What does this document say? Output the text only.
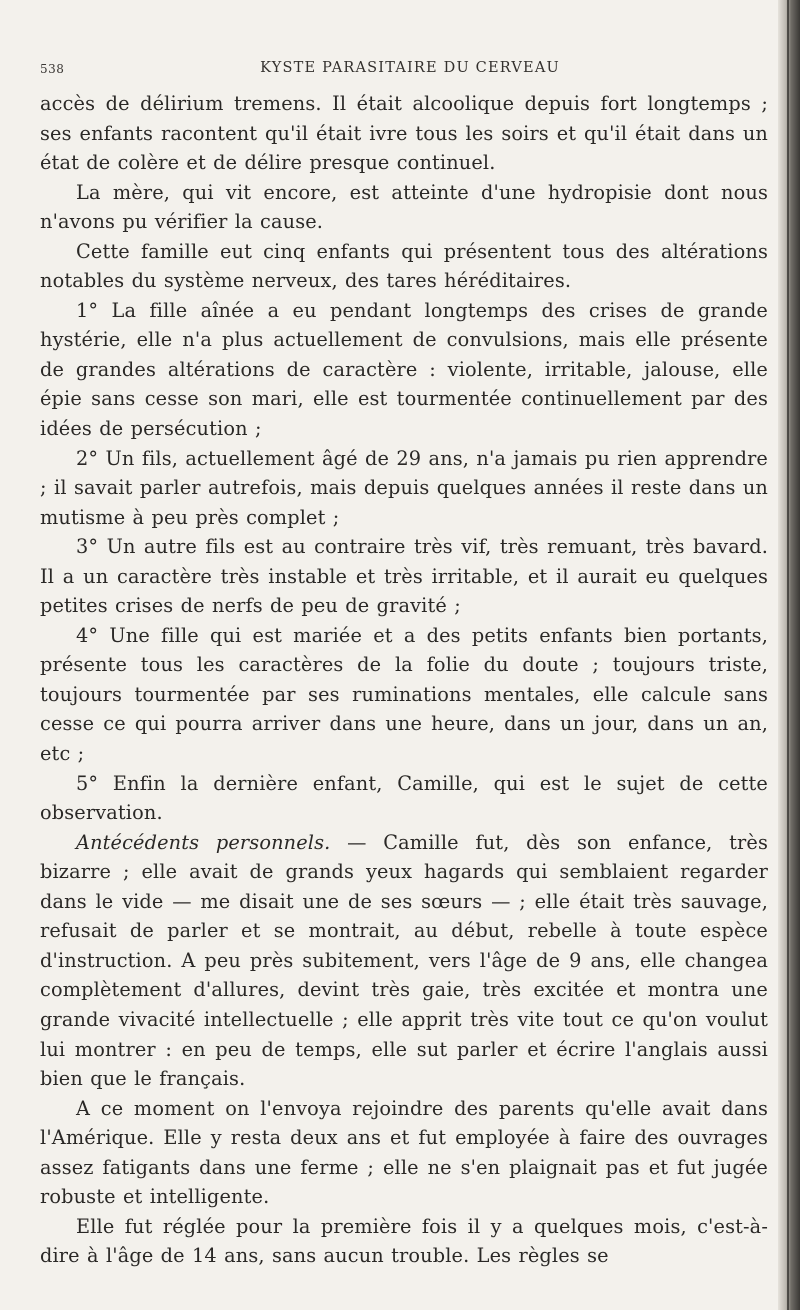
538	KYSTE PARASITAIRE DU CERVEAU

accès de délirium tremens. Il était alcoolique depuis fort longtemps ; ses enfants racontent qu'il était ivre tous les soirs et qu'il était dans un état de colère et de délire presque continuel.

La mère, qui vit encore, est atteinte d'une hydropisie dont nous n'avons pu vérifier la cause.

Cette famille eut cinq enfants qui présentent tous des altérations notables du système nerveux, des tares héréditaires.

1° La fille aînée a eu pendant longtemps des crises de grande hystérie, elle n'a plus actuellement de convulsions, mais elle présente de grandes altérations de caractère : violente, irritable, jalouse, elle épie sans cesse son mari, elle est tourmentée continuellement par des idées de persécution ;

2° Un fils, actuellement âgé de 29 ans, n'a jamais pu rien apprendre ; il savait parler autrefois, mais depuis quelques années il reste dans un mutisme à peu près complet ;

3° Un autre fils est au contraire très vif, très remuant, très bavard. Il a un caractère très instable et très irritable, et il aurait eu quelques petites crises de nerfs de peu de gravité ;

4° Une fille qui est mariée et a des petits enfants bien portants, présente tous les caractères de la folie du doute ; toujours triste, toujours tourmentée par ses ruminations mentales, elle calcule sans cesse ce qui pourra arriver dans une heure, dans un jour, dans un an, etc ;

5° Enfin la dernière enfant, Camille, qui est le sujet de cette observation.

Antécédents personnels. — Camille fut, dès son enfance, très bizarre ; elle avait de grands yeux hagards qui semblaient regarder dans le vide — me disait une de ses sœurs — ; elle était très sauvage, refusait de parler et se montrait, au début, rebelle à toute espèce d'instruction. A peu près subitement, vers l'âge de 9 ans, elle changea complètement d'allures, devint très gaie, très excitée et montra une grande vivacité intellectuelle ; elle apprit très vite tout ce qu'on voulut lui montrer : en peu de temps, elle sut parler et écrire l'anglais aussi bien que le français.

A ce moment on l'envoya rejoindre des parents qu'elle avait dans l'Amérique. Elle y resta deux ans et fut employée à faire des ouvrages assez fatigants dans une ferme ; elle ne s'en plaignait pas et fut jugée robuste et intelligente.

Elle fut réglée pour la première fois il y a quelques mois, c'est-à-dire à l'âge de 14 ans, sans aucun trouble. Les règles se
